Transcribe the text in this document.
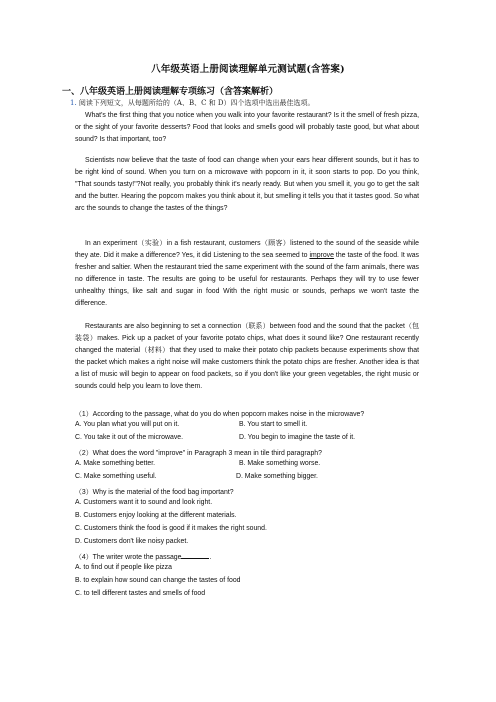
八年级英语上册阅读理解单元测试题(含答案)
一、八年级英语上册阅读理解专项练习（含答案解析）
1. 阅读下列短文，从每题所给的（A、B、C 和 D）四个选项中选出最佳选项。
What's the first thing that you notice when you walk into your favorite restaurant? Is it the smell of fresh pizza, or the sight of your favorite desserts? Food that looks and smells good will probably taste good, but what about sound? Is that important, too?
Scientists now believe that the taste of food can change when your ears hear different sounds, but it has to be right kind of sound. When you turn on a microwave with popcorn in it, it soon starts to pop. Do you think, "That sounds tasty!"?Not really, you probably think it's nearly ready. But when you smell it, you go to get the salt and the butter. Hearing the popcorn makes you think about it, but smelling it tells you that it tastes good. So what arc the sounds to change the tastes of the things?
In an experiment（实验）in a fish restaurant, customers（顾客）listened to the sound of the seaside while they ate. Did it make a difference? Yes, it did Listening to the sea seemed to improve the taste of the food. It was fresher and saltier. When the restaurant tried the same experiment with the sound of the farm animals, there was no difference in taste. The results are going to be useful for restaurants. Perhaps they will try to use fewer unhealthy things, like salt and sugar in food With the right music or sounds, perhaps we won't taste the difference.
Restaurants are also beginning to set a connection（联系）between food and the sound that the packet（包装袋）makes. Pick up a packet of your favorite potato chips, what does it sound like? One restaurant recently changed the material（材料）that they used to make their potato chip packets because experiments show that the packet which makes a right noise will make customers think the potato chips are fresher. Another idea is that a list of music will begin to appear on food packets, so if you don't like your green vegetables, the right music or sounds could help you learn to love them.
（1）According to the passage, what do you do when popcorn makes noise in the microwave?
A. You plan what you will put on it.	B. You start to smell it.
C. You take it out of the microwave.	D. You begin to imagine the taste of it.
（2）What does the word "improve" in Paragraph 3 mean in tile third paragraph?
A. Make something better.	B. Make something worse.
C. Make something useful.	D. Make something bigger.
（3）Why is the material of the food bag important?
A. Customers want it to sound and look right.
B. Customers enjoy looking at the different materials.
C. Customers think the food is good if it makes the right sound.
D. Customers don't like noisy packet.
（4）The writer wrote the passage	.
A. to find out if people like pizza
B. to explain how sound can change the tastes of food
C. to tell different tastes and smells of food
